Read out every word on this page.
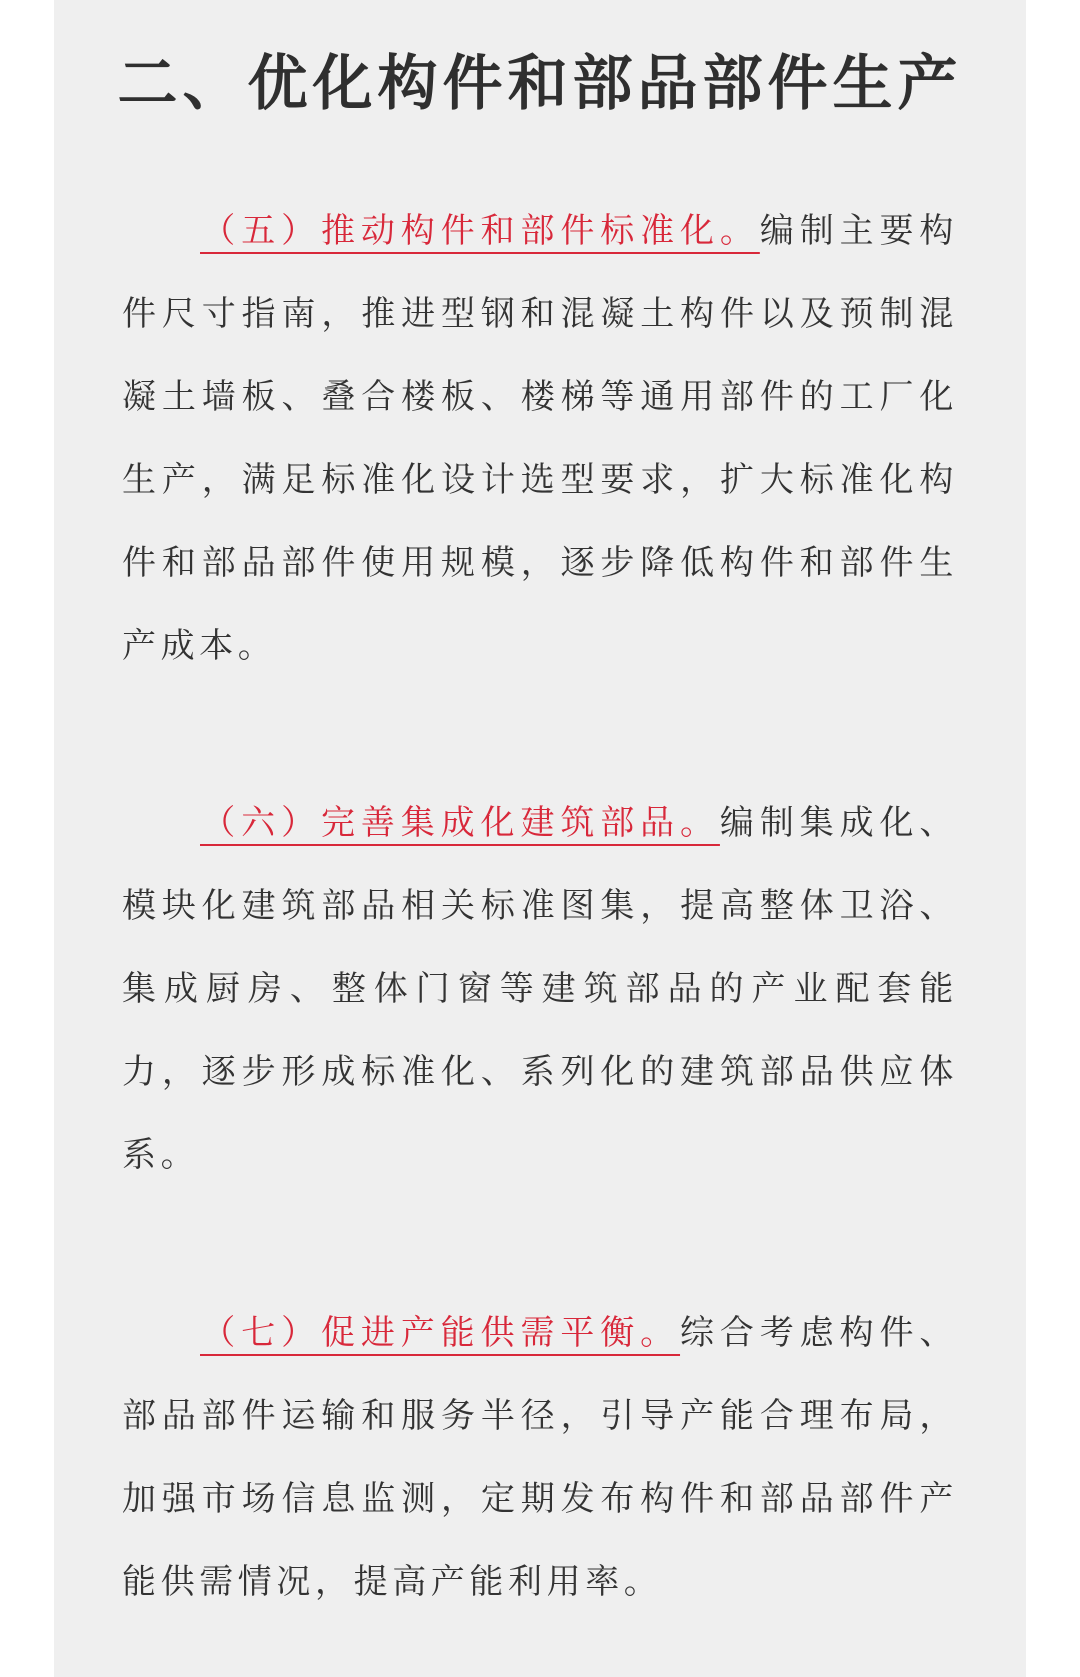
二、优化构件和部品部件生产

（五）推动构件和部件标准化。编制主要构件尺寸指南，推进型钢和混凝土构件以及预制混凝土墙板、叠合楼板、楼梯等通用部件的工厂化生产，满足标准化设计选型要求，扩大标准化构件和部品部件使用规模，逐步降低构件和部件生产成本。

（六）完善集成化建筑部品。编制集成化、模块化建筑部品相关标准图集，提高整体卫浴、集成厨房、整体门窗等建筑部品的产业配套能力，逐步形成标准化、系列化的建筑部品供应体系。

（七）促进产能供需平衡。综合考虑构件、部品部件运输和服务半径，引导产能合理布局，加强市场信息监测，定期发布构件和部品部件产能供需情况，提高产能利用率。
